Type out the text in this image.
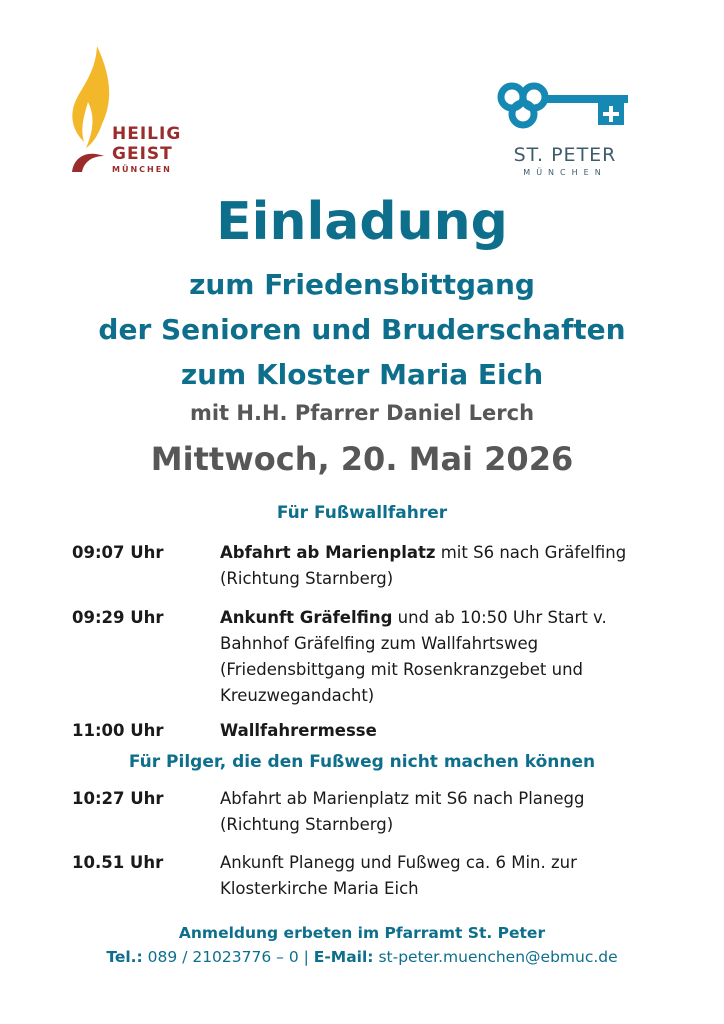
HEILIG
GEIST
MÜNCHEN
ST. PETER
MÜNCHEN
Einladung
zum Friedensbittgang
der Senioren und Bruderschaften
zum Kloster Maria Eich
mit H.H. Pfarrer Daniel Lerch
Mittwoch, 20. Mai 2026
Für Fußwallfahrer
09:07 Uhr	Abfahrt ab Marienplatz mit S6 nach Gräfelfing (Richtung Starnberg)
09:29 Uhr	Ankunft Gräfelfing und ab 10:50 Uhr Start v. Bahnhof Gräfelfing zum Wallfahrtsweg (Friedensbittgang mit Rosenkranzgebet und Kreuzwegandacht)
11:00 Uhr	Wallfahrermesse
Für Pilger, die den Fußweg nicht machen können
10:27 Uhr	Abfahrt ab Marienplatz mit S6 nach Planegg (Richtung Starnberg)
10.51 Uhr	Ankunft Planegg und Fußweg ca. 6 Min. zur Klosterkirche Maria Eich
Anmeldung erbeten im Pfarramt St. Peter
Tel.: 089 / 21023776 – 0 | E-Mail: st-peter.muenchen@ebmuc.de
